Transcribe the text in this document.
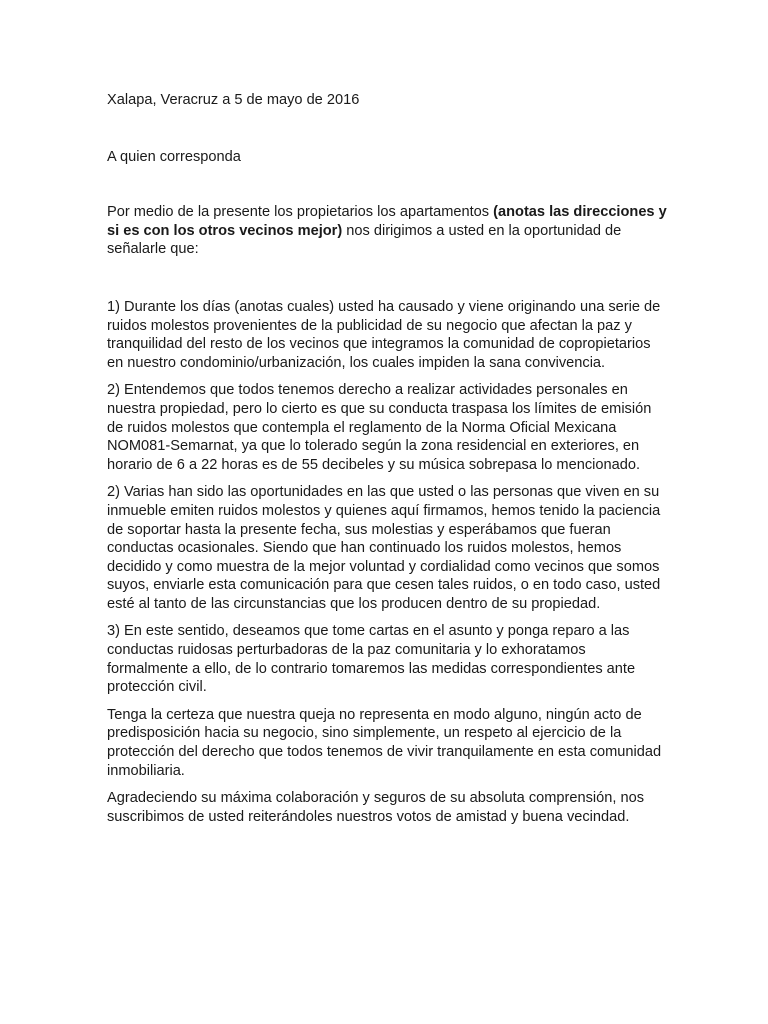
Xalapa, Veracruz a 5 de mayo de 2016

A quien corresponda

Por medio de la presente los propietarios los apartamentos (anotas las direcciones y si es con los otros vecinos mejor) nos dirigimos a usted en la oportunidad de señalarle que:

1) Durante los días (anotas cuales) usted ha causado y viene originando una serie de ruidos molestos provenientes de la publicidad de su negocio que afectan la paz y tranquilidad del resto de los vecinos que integramos la comunidad de copropietarios en nuestro condominio/urbanización, los cuales impiden la sana convivencia.

2) Entendemos que todos tenemos derecho a realizar actividades personales en nuestra propiedad, pero lo cierto es que su conducta traspasa los límites de emisión de ruidos molestos que contempla el reglamento de la Norma Oficial Mexicana NOM081-Semarnat, ya que lo tolerado según la zona residencial en exteriores, en horario de 6 a 22 horas es de 55 decibeles y su música sobrepasa lo mencionado.

2) Varias han sido las oportunidades en las que usted o las personas que viven en su inmueble emiten ruidos molestos y quienes aquí firmamos, hemos tenido la paciencia de soportar hasta la presente fecha, sus molestias y esperábamos que fueran conductas ocasionales. Siendo que han continuado los ruidos molestos, hemos decidido y como muestra de la mejor voluntad y cordialidad como vecinos que somos suyos, enviarle esta comunicación para que cesen tales ruidos, o en todo caso, usted esté al tanto de las circunstancias que los producen dentro de su propiedad.

3) En este sentido, deseamos que tome cartas en el asunto y ponga reparo a las conductas ruidosas perturbadoras de la paz comunitaria y lo exhoratamos formalmente a ello, de lo contrario tomaremos las medidas correspondientes ante protección civil.

Tenga la certeza que nuestra queja no representa en modo alguno, ningún acto de predisposición hacia su negocio, sino simplemente, un respeto al ejercicio de la protección del derecho que todos tenemos de vivir tranquilamente en esta comunidad inmobiliaria.

Agradeciendo su máxima colaboración y seguros de su absoluta comprensión, nos suscribimos de usted reiterándoles nuestros votos de amistad y buena vecindad.
